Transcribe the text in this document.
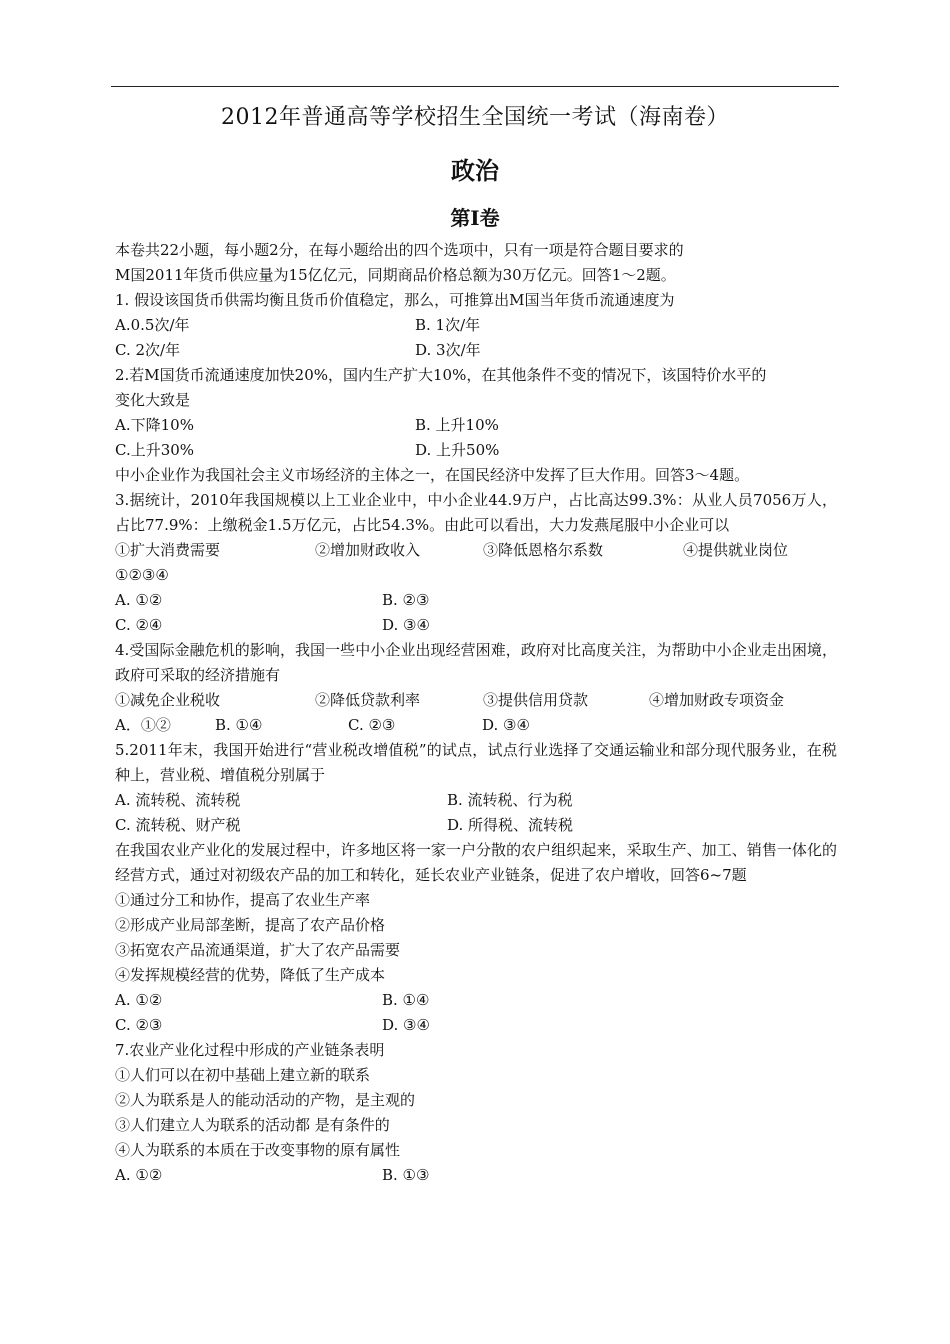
2012年普通高等学校招生全国统一考试（海南卷）
政治
第Ⅰ卷
本卷共22小题，每小题2分，在每小题给出的四个选项中，只有一项是符合题目要求的
M国2011年货币供应量为15亿亿元，同期商品价格总额为30万亿元。回答1～2题。
1. 假设该国货币供需均衡且货币价值稳定，那么，可推算出M国当年货币流通速度为
A.0.5次/年	B. 1次/年
C. 2次/年	D. 3次/年
2.若M国货币流通速度加快20%，国内生产扩大10%，在其他条件不变的情况下，该国特价水平的
变化大致是
A.下降10%	B. 上升10%
C.上升30%	D. 上升50%
中小企业作为我国社会主义市场经济的主体之一，在国民经济中发挥了巨大作用。回答3～4题。
3.据统计，2010年我国规模以上工业企业中，中小企业44.9万户，占比高达99.3%：从业人员7056万人，占比77.9%：上缴税金1.5万亿元，占比54.3%。由此可以看出，大力发燕尾服中小企业可以
①扩大消费需要	②增加财政收入	③降低恩格尔系数	④提供就业岗位
①②③④
A. ①②	B. ②③
C. ②④	D. ③④
4.受国际金融危机的影响，我国一些中小企业出现经营困难，政府对比高度关注，为帮助中小企业走出困境，政府可采取的经济措施有
①减免企业税收	②降低贷款利率	③提供信用贷款	④增加财政专项资金
A．①②	B. ①④	C. ②③	D. ③④
5.2011年末，我国开始进行“营业税改增值税”的试点，试点行业选择了交通运输业和部分现代服务业，在税种上，营业税、增值税分别属于
A. 流转税、流转税	B. 流转税、行为税
C. 流转税、财产税	D. 所得税、流转税
在我国农业产业化的发展过程中，许多地区将一家一户分散的农户组织起来，采取生产、加工、销售一体化的经营方式，通过对初级农产品的加工和转化，延长农业产业链条，促进了农户增收，回答6~7题
①通过分工和协作，提高了农业生产率
②形成产业局部垄断，提高了农产品价格
③拓宽农产品流通渠道，扩大了农产品需要
④发挥规模经营的优势，降低了生产成本
A. ①②	B. ①④
C. ②③	D. ③④
7.农业产业化过程中形成的产业链条表明
①人们可以在初中基础上建立新的联系
②人为联系是人的能动活动的产物，是主观的
③人们建立人为联系的活动都 是有条件的
④人为联系的本质在于改变事物的原有属性
A. ①②	B. ①③
